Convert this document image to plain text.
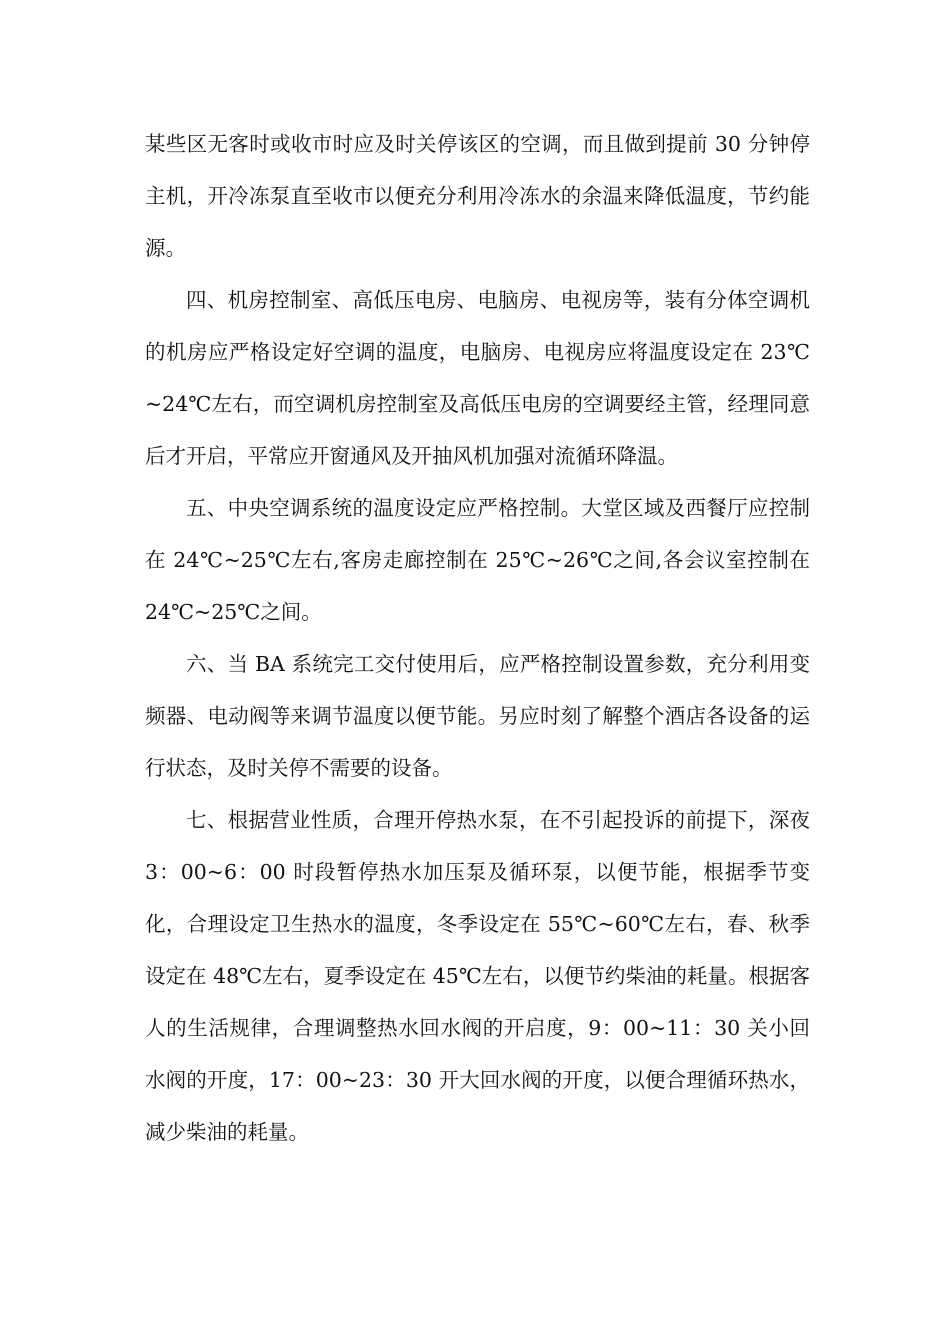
某些区无客时或收市时应及时关停该区的空调，而且做到提前 30 分钟停主机，开冷冻泵直至收市以便充分利用冷冻水的余温来降低温度，节约能源。

四、机房控制室、高低压电房、电脑房、电视房等，装有分体空调机的机房应严格设定好空调的温度，电脑房、电视房应将温度设定在 23℃~24℃左右，而空调机房控制室及高低压电房的空调要经主管，经理同意后才开启，平常应开窗通风及开抽风机加强对流循环降温。

五、中央空调系统的温度设定应严格控制。大堂区域及西餐厅应控制在 24℃~25℃左右,客房走廊控制在 25℃~26℃之间,各会议室控制在 24℃~25℃之间。

六、当 BA 系统完工交付使用后，应严格控制设置参数，充分利用变频器、电动阀等来调节温度以便节能。另应时刻了解整个酒店各设备的运行状态，及时关停不需要的设备。

七、根据营业性质，合理开停热水泵，在不引起投诉的前提下，深夜 3：00~6：00 时段暂停热水加压泵及循环泵，以便节能，根据季节变化，合理设定卫生热水的温度，冬季设定在 55℃~60℃左右，春、秋季设定在 48℃左右，夏季设定在 45℃左右，以便节约柴油的耗量。根据客人的生活规律，合理调整热水回水阀的开启度，9：00~11：30 关小回水阀的开度，17：00~23：30 开大回水阀的开度，以便合理循环热水，减少柴油的耗量。
